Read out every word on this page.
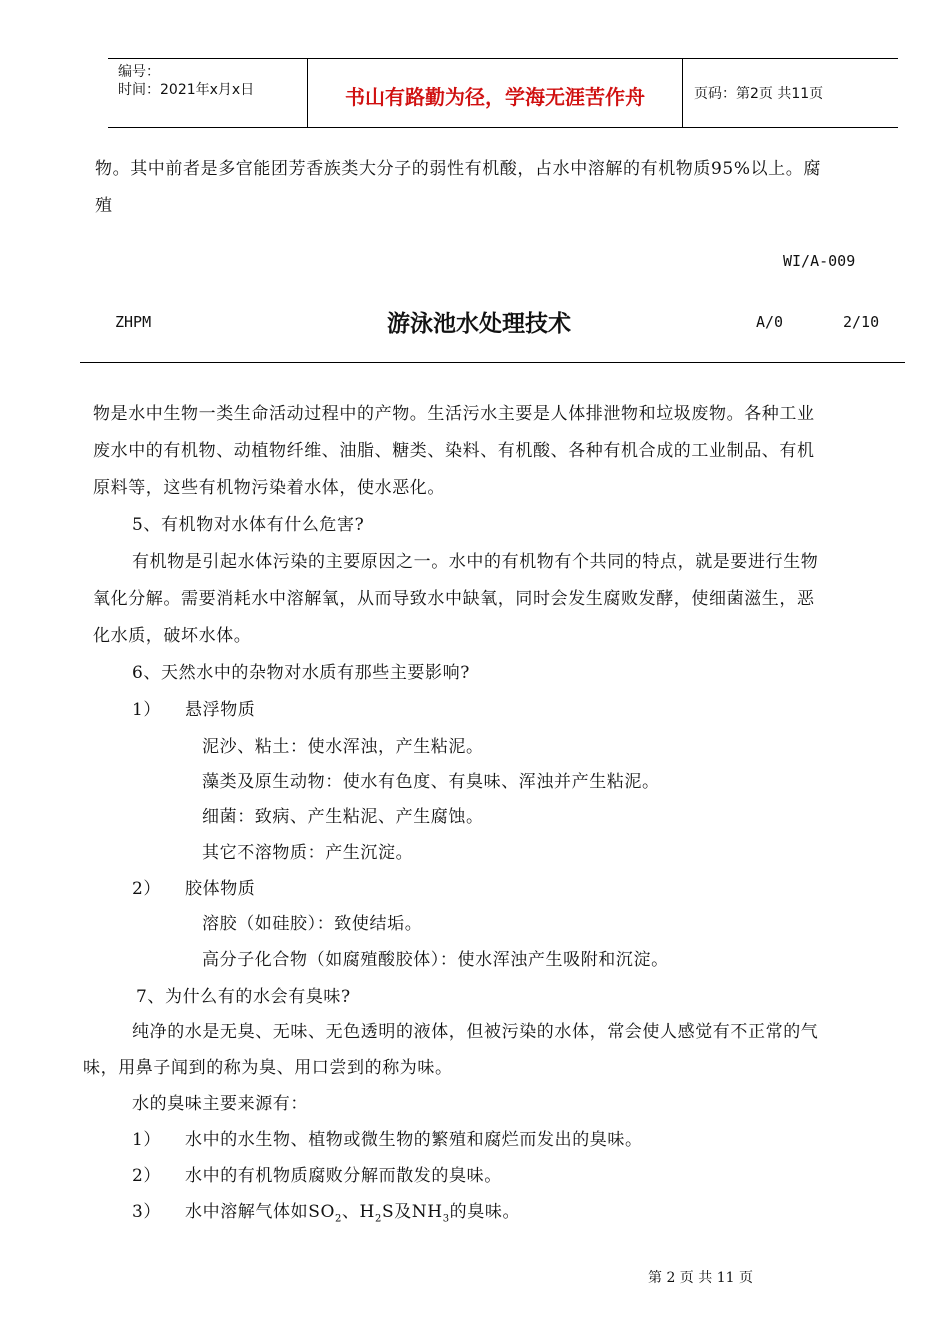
编号：
时间：2021年x月x日	书山有路勤为径，学海无涯苦作舟	页码：第2页 共11页
物。其中前者是多官能团芳香族类大分子的弱性有机酸，占水中溶解的有机物质95%以上。腐
殖
WI/A-009
ZHPM	游泳池水处理技术	A/0	2/10
物是水中生物一类生命活动过程中的产物。生活污水主要是人体排泄物和垃圾废物。各种工业
废水中的有机物、动植物纤维、油脂、糖类、染料、有机酸、各种有机合成的工业制品、有机
原料等，这些有机物污染着水体，使水恶化。
5、有机物对水体有什么危害?
有机物是引起水体污染的主要原因之一。水中的有机物有个共同的特点，就是要进行生物
氧化分解。需要消耗水中溶解氧，从而导致水中缺氧，同时会发生腐败发酵，使细菌滋生，恶
化水质，破坏水体。
6、天然水中的杂物对水质有那些主要影响?
1） 悬浮物质
泥沙、粘土：使水浑浊，产生粘泥。
藻类及原生动物：使水有色度、有臭味、浑浊并产生粘泥。
细菌：致病、产生粘泥、产生腐蚀。
其它不溶物质：产生沉淀。
2） 胶体物质
溶胶（如硅胶）：致使结垢。
高分子化合物（如腐殖酸胶体）：使水浑浊产生吸附和沉淀。
7、为什么有的水会有臭味?
纯净的水是无臭、无味、无色透明的液体，但被污染的水体，常会使人感觉有不正常的气
味，用鼻子闻到的称为臭、用口尝到的称为味。
水的臭味主要来源有：
1） 水中的水生物、植物或微生物的繁殖和腐烂而发出的臭味。
2） 水中的有机物质腐败分解而散发的臭味。
3） 水中溶解气体如$SO_2$、$H_2S$及$NH_3$的臭味。
第 2 页 共 11 页
